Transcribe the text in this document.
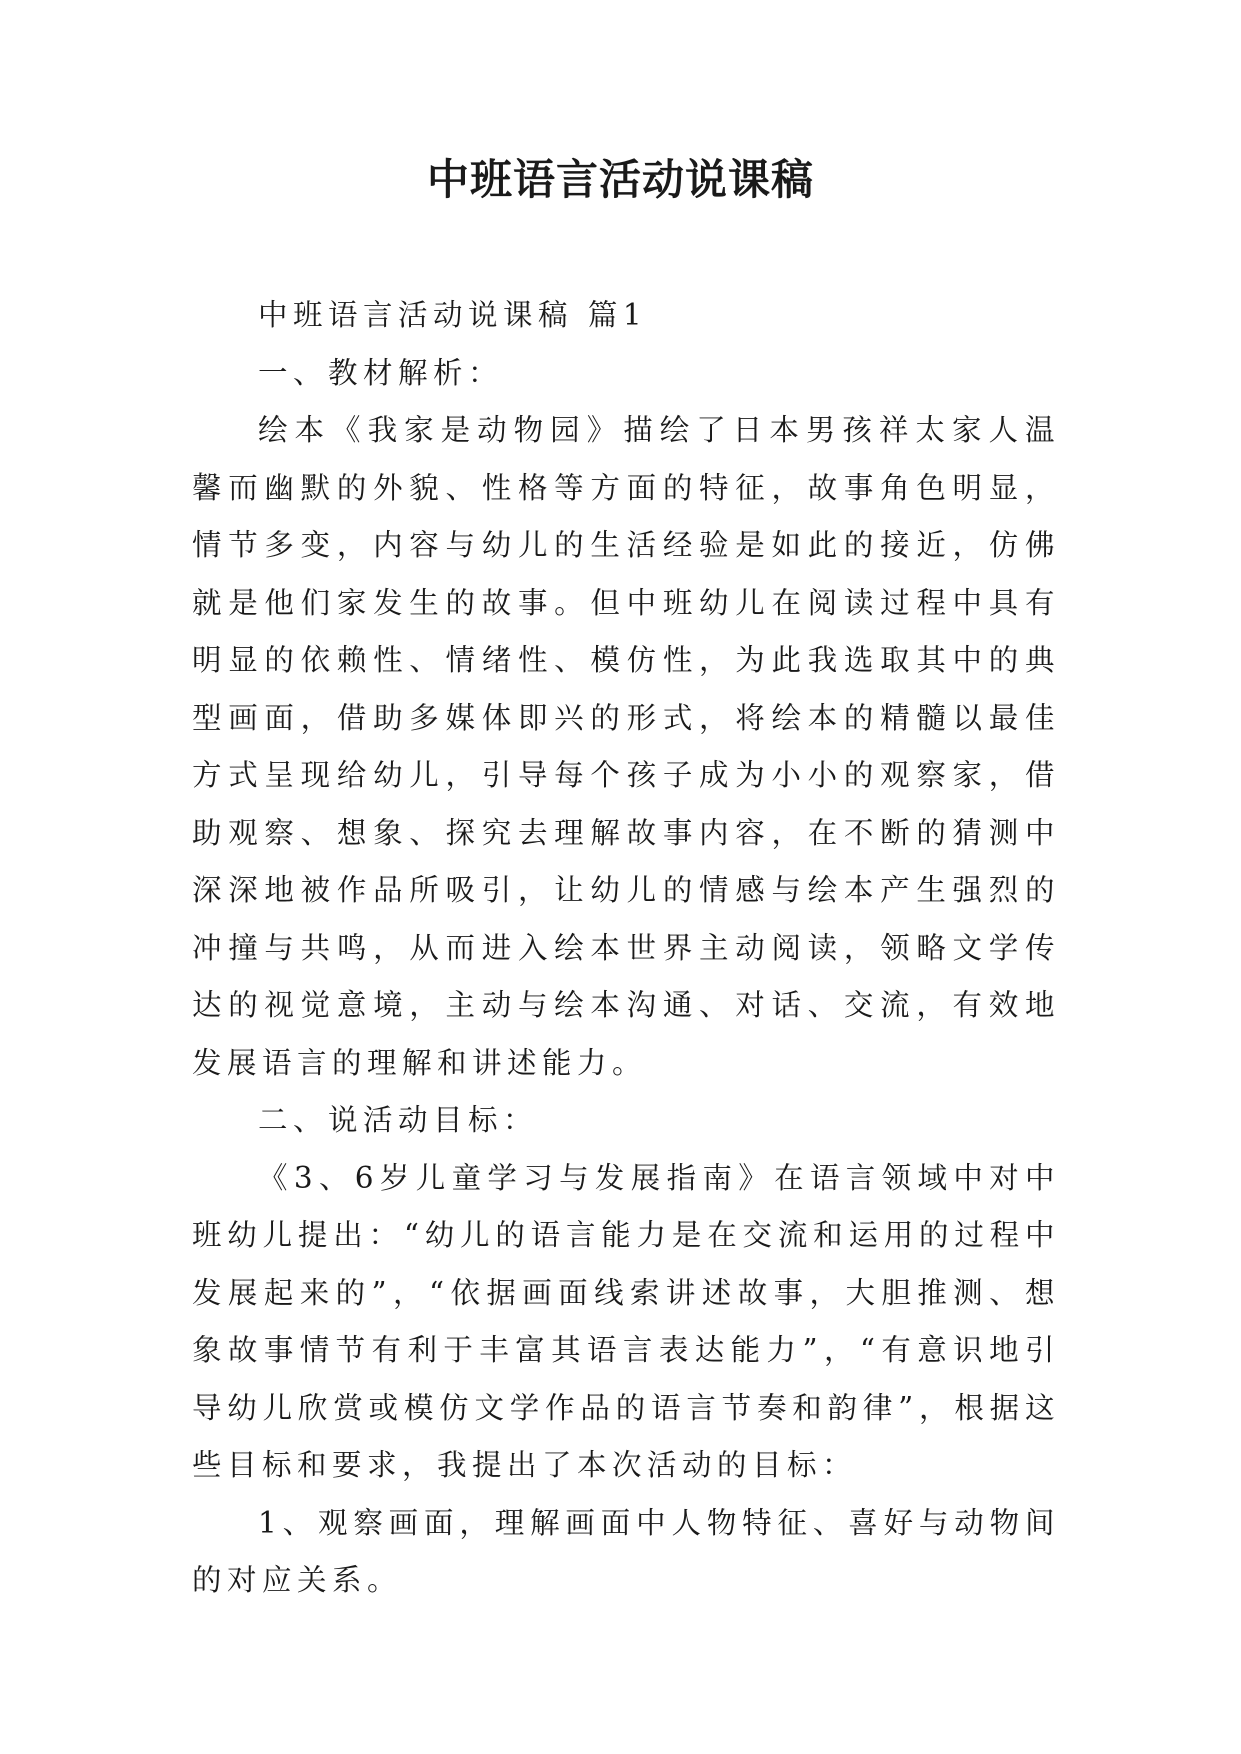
中班语言活动说课稿

中班语言活动说课稿 篇1

一、教材解析：

绘本《我家是动物园》描绘了日本男孩祥太家人温馨而幽默的外貌、性格等方面的特征，故事角色明显，情节多变，内容与幼儿的生活经验是如此的接近，仿佛就是他们家发生的故事。但中班幼儿在阅读过程中具有明显的依赖性、情绪性、模仿性，为此我选取其中的典型画面，借助多媒体即兴的形式，将绘本的精髓以最佳方式呈现给幼儿，引导每个孩子成为小小的观察家，借助观察、想象、探究去理解故事内容，在不断的猜测中深深地被作品所吸引，让幼儿的情感与绘本产生强烈的冲撞与共鸣，从而进入绘本世界主动阅读，领略文学传达的视觉意境，主动与绘本沟通、对话、交流，有效地发展语言的理解和讲述能力。

二、说活动目标：

《3、6岁儿童学习与发展指南》在语言领域中对中班幼儿提出：“幼儿的语言能力是在交流和运用的过程中发展起来的”，“依据画面线索讲述故事，大胆推测、想象故事情节有利于丰富其语言表达能力”，“有意识地引导幼儿欣赏或模仿文学作品的语言节奏和韵律”，根据这些目标和要求，我提出了本次活动的目标：

1、观察画面，理解画面中人物特征、喜好与动物间的对应关系。
